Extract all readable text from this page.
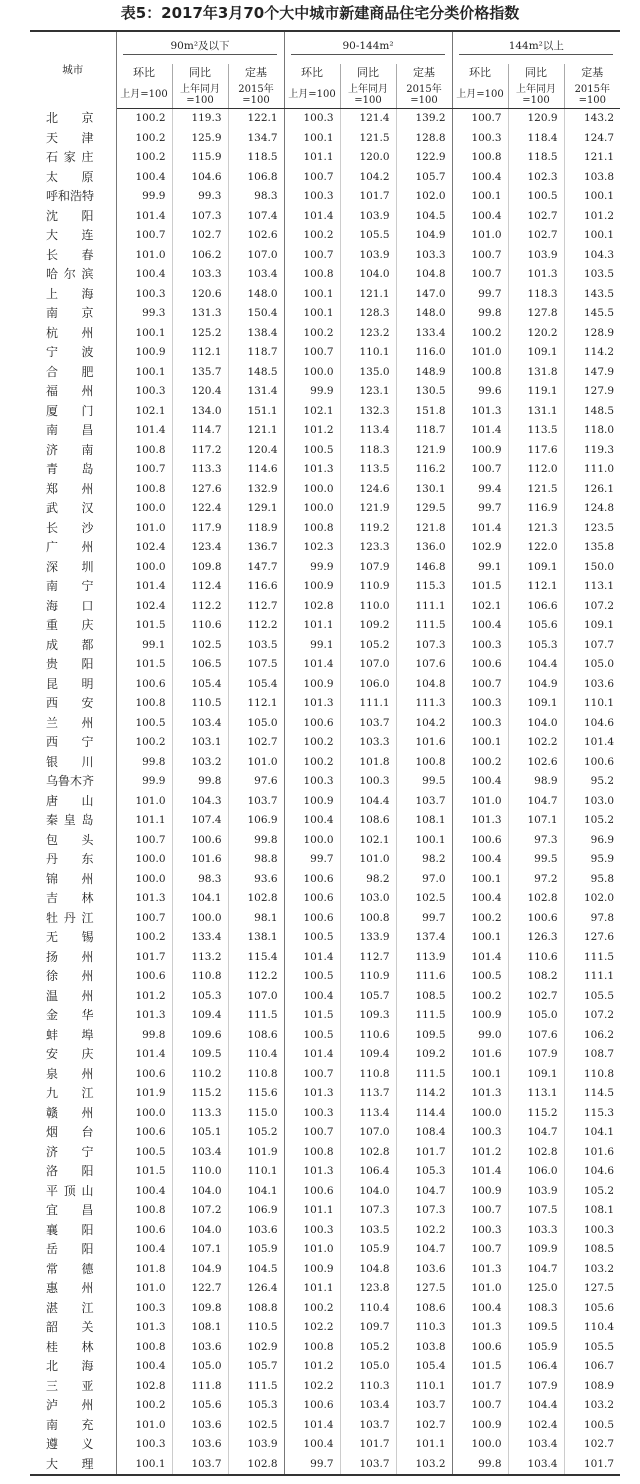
表5：2017年3月70个大中城市新建商品住宅分类价格指数
城市	90m²及以下			90-144m²			144m²以上		
	环比	同比	定基	环比	同比	定基	环比	同比	定基
	上月=100	上年同月=100	2015年=100	上月=100	上年同月=100	2015年=100	上月=100	上年同月=100	2015年=100
北京	100.2	119.3	122.1	100.3	121.4	139.2	100.7	120.9	143.2
天津	100.2	125.9	134.7	100.1	121.5	128.8	100.3	118.4	124.7
石家庄	100.2	115.9	118.5	101.1	120.0	122.9	100.8	118.5	121.1
太原	100.4	104.6	106.8	100.7	104.2	105.7	100.4	102.3	103.8
呼和浩特	99.9	99.3	98.3	100.3	101.7	102.0	100.1	100.5	100.1
沈阳	101.4	107.3	107.4	101.4	103.9	104.5	100.4	102.7	101.2
大连	100.7	102.7	102.6	100.2	105.5	104.9	101.0	102.7	100.1
长春	101.0	106.2	107.0	100.7	103.9	103.3	100.7	103.9	104.3
哈尔滨	100.4	103.3	103.4	100.8	104.0	104.8	100.7	101.3	103.5
上海	100.3	120.6	148.0	100.1	121.1	147.0	99.7	118.3	143.5
南京	99.3	131.3	150.4	100.1	128.3	148.0	99.8	127.8	145.5
杭州	100.1	125.2	138.4	100.2	123.2	133.4	100.2	120.2	128.9
宁波	100.9	112.1	118.7	100.7	110.1	116.0	101.0	109.1	114.2
合肥	100.1	135.7	148.5	100.0	135.0	148.9	100.8	131.8	147.9
福州	100.3	120.4	131.4	99.9	123.1	130.5	99.6	119.1	127.9
厦门	102.1	134.0	151.1	102.1	132.3	151.8	101.3	131.1	148.5
南昌	101.4	114.7	121.1	101.2	113.4	118.7	101.4	113.5	118.0
济南	100.8	117.2	120.4	100.5	118.3	121.9	100.9	117.6	119.3
青岛	100.7	113.3	114.6	101.3	113.5	116.2	100.7	112.0	111.0
郑州	100.8	127.6	132.9	100.0	124.6	130.1	99.4	121.5	126.1
武汉	100.0	122.4	129.1	100.0	121.9	129.5	99.7	116.9	124.8
长沙	101.0	117.9	118.9	100.8	119.2	121.8	101.4	121.3	123.5
广州	102.4	123.4	136.7	102.3	123.3	136.0	102.9	122.0	135.8
深圳	100.0	109.8	147.7	99.9	107.9	146.8	99.1	109.1	150.0
南宁	101.4	112.4	116.6	100.9	110.9	115.3	101.5	112.1	113.1
海口	102.4	112.2	112.7	102.8	110.0	111.1	102.1	106.6	107.2
重庆	101.5	110.6	112.2	101.1	109.2	111.5	100.4	105.6	109.1
成都	99.1	102.5	103.5	99.1	105.2	107.3	100.3	105.3	107.7
贵阳	101.5	106.5	107.5	101.4	107.0	107.6	100.6	104.4	105.0
昆明	100.6	105.4	105.4	100.9	106.0	104.8	100.7	104.9	103.6
西安	100.8	110.5	112.1	101.3	111.1	111.3	100.3	109.1	110.1
兰州	100.5	103.4	105.0	100.6	103.7	104.2	100.3	104.0	104.6
西宁	100.2	103.1	102.7	100.2	103.3	101.6	100.1	102.2	101.4
银川	99.8	103.2	101.0	100.2	101.8	100.8	100.2	102.6	100.6
乌鲁木齐	99.9	99.8	97.6	100.3	100.3	99.5	100.4	98.9	95.2
唐山	101.0	104.3	103.7	100.9	104.4	103.7	101.0	104.7	103.0
秦皇岛	101.1	107.4	106.9	100.4	108.6	108.1	101.3	107.1	105.2
包头	100.7	100.6	99.8	100.0	102.1	100.1	100.6	97.3	96.9
丹东	100.0	101.6	98.8	99.7	101.0	98.2	100.4	99.5	95.9
锦州	100.0	98.3	93.6	100.6	98.2	97.0	100.1	97.2	95.8
吉林	101.3	104.1	102.8	100.6	103.0	102.5	100.4	102.8	102.0
牡丹江	100.7	100.0	98.1	100.6	100.8	99.7	100.2	100.6	97.8
无锡	100.2	133.4	138.1	100.5	133.9	137.4	100.1	126.3	127.6
扬州	101.7	113.2	115.4	101.4	112.7	113.9	101.4	110.6	111.5
徐州	100.6	110.8	112.2	100.5	110.9	111.6	100.5	108.2	111.1
温州	101.2	105.3	107.0	100.4	105.7	108.5	100.2	102.7	105.5
金华	101.3	109.4	111.5	101.5	109.3	111.5	100.9	105.0	107.2
蚌埠	99.8	109.6	108.6	100.5	110.6	109.5	99.0	107.6	106.2
安庆	101.4	109.5	110.4	101.4	109.4	109.2	101.6	107.9	108.7
泉州	100.6	110.2	110.8	100.7	110.8	111.5	100.1	109.1	110.8
九江	101.9	115.2	115.6	101.3	113.7	114.2	101.3	113.1	114.5
赣州	100.0	113.3	115.0	100.3	113.4	114.4	100.0	115.2	115.3
烟台	100.6	105.1	105.2	100.7	107.0	108.4	100.3	104.7	104.1
济宁	100.5	103.4	101.9	100.8	102.8	101.7	101.2	102.8	101.6
洛阳	101.5	110.0	110.1	101.3	106.4	105.3	101.4	106.0	104.6
平顶山	100.4	104.0	104.1	100.6	104.0	104.7	100.9	103.9	105.2
宜昌	100.8	107.2	106.9	101.1	107.3	107.3	100.7	107.5	108.1
襄阳	100.6	104.0	103.6	100.3	103.5	102.2	100.3	103.3	100.3
岳阳	100.4	107.1	105.9	101.0	105.9	104.7	100.7	109.9	108.5
常德	101.8	104.9	104.5	100.9	104.8	103.6	101.3	104.7	103.2
惠州	101.0	122.7	126.4	101.1	123.8	127.5	101.0	125.0	127.5
湛江	100.3	109.8	108.8	100.2	110.4	108.6	100.4	108.3	105.6
韶关	101.3	108.1	110.5	102.2	109.7	110.3	101.3	109.5	110.4
桂林	100.8	103.6	102.9	100.8	105.2	103.8	100.6	105.9	105.5
北海	100.4	105.0	105.7	101.2	105.0	105.4	101.5	106.4	106.7
三亚	102.8	111.8	111.5	102.2	110.3	110.1	101.7	107.9	108.9
泸州	100.2	105.6	105.3	100.6	103.4	103.7	100.7	104.4	103.2
南充	101.0	103.6	102.5	101.4	103.7	102.7	100.9	102.4	100.5
遵义	100.3	103.6	103.9	100.4	101.7	101.1	100.0	103.4	102.7
大理	100.1	103.7	102.8	99.7	103.7	103.2	99.8	103.4	101.7
